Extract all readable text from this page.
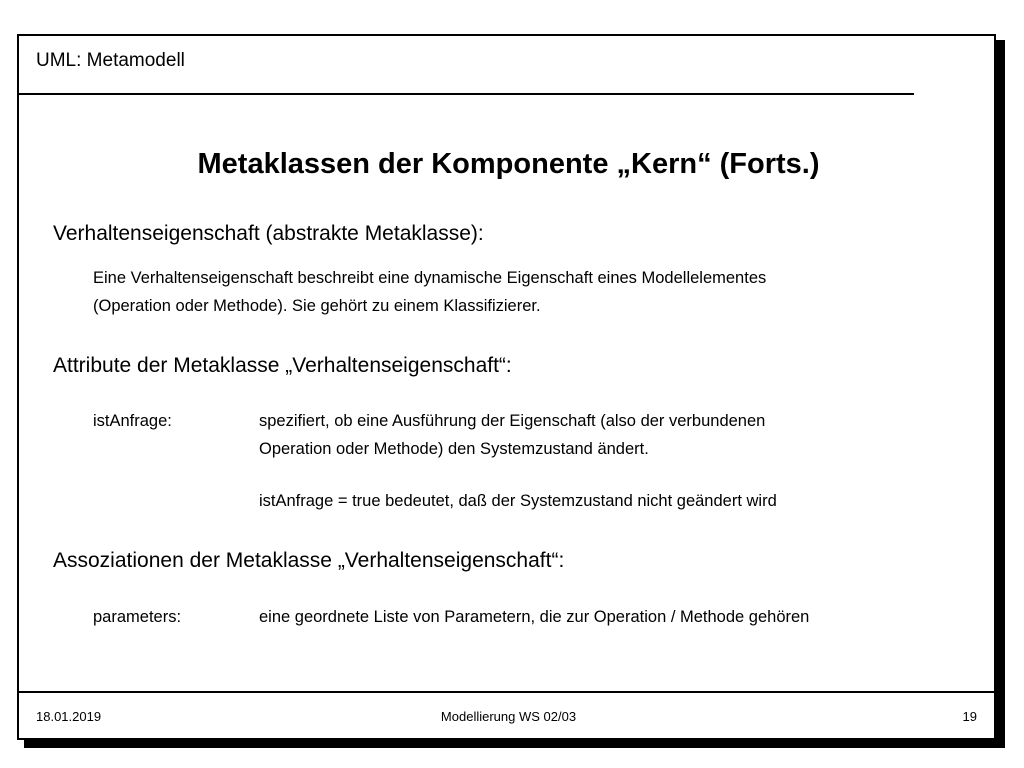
UML: Metamodell
Metaklassen der Komponente „Kern“ (Forts.)
Verhaltenseigenschaft (abstrakte Metaklasse):
Eine Verhaltenseigenschaft beschreibt eine dynamische Eigenschaft eines Modellelementes
(Operation oder Methode). Sie gehört zu einem Klassifizierer.
Attribute der Metaklasse „Verhaltenseigenschaft“:
istAnfrage:	spezifiert, ob eine Ausführung der Eigenschaft (also der verbundenen
Operation oder Methode) den Systemzustand ändert.
istAnfrage = true bedeutet, daß der Systemzustand nicht geändert wird
Assoziationen der Metaklasse „Verhaltenseigenschaft“:
parameters:	eine geordnete Liste von Parametern, die zur Operation / Methode gehören
18.01.2019	Modellierung WS 02/03	19
